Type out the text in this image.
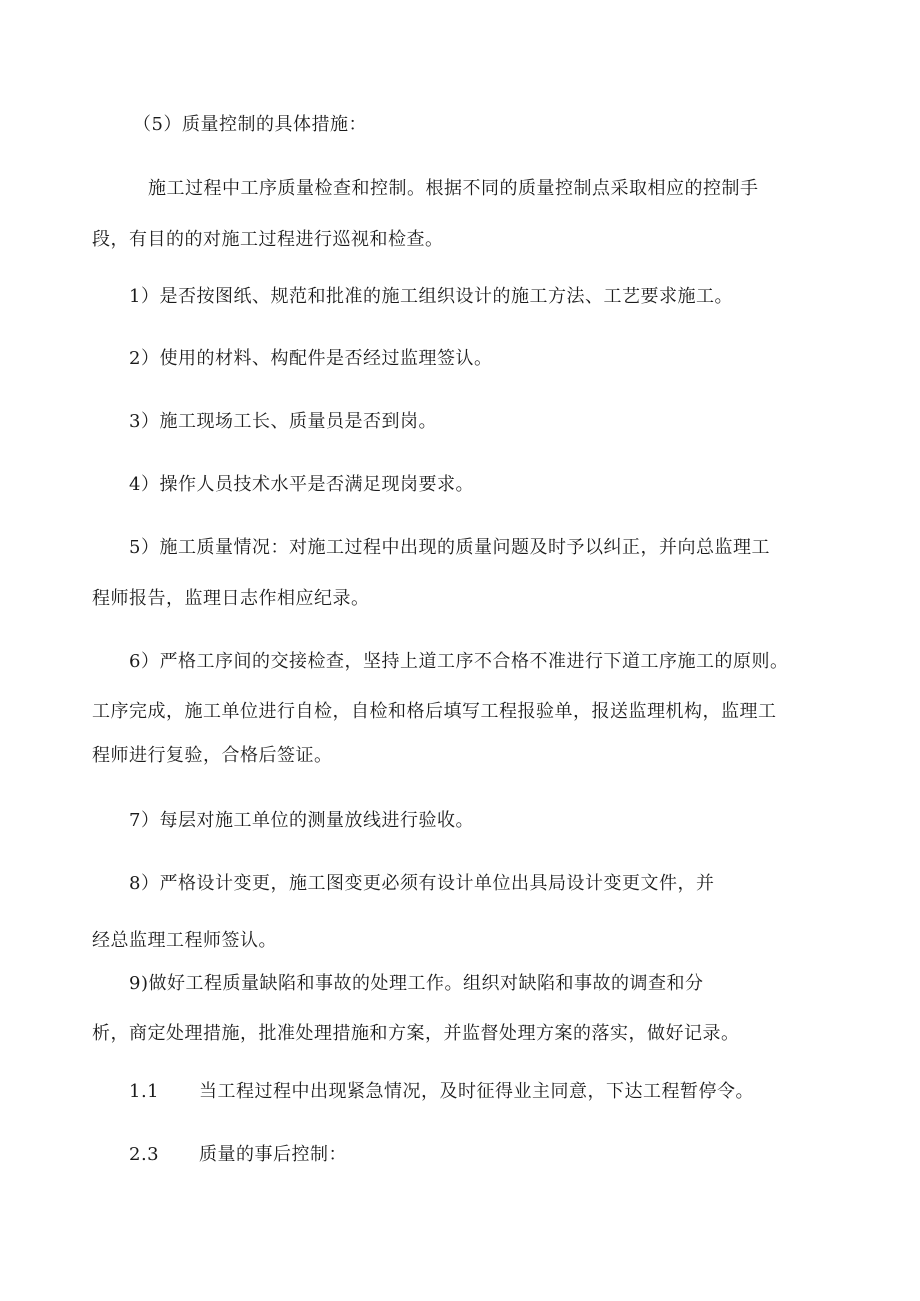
（5）质量控制的具体措施：
施工过程中工序质量检查和控制。根据不同的质量控制点采取相应的控制手
段，有目的的对施工过程进行巡视和检查。
1）是否按图纸、规范和批准的施工组织设计的施工方法、工艺要求施工。
2）使用的材料、构配件是否经过监理签认。
3）施工现场工长、质量员是否到岗。
4）操作人员技术水平是否满足现岗要求。
5）施工质量情况：对施工过程中出现的质量问题及时予以纠正，并向总监理工
程师报告，监理日志作相应纪录。
6）严格工序间的交接检查，坚持上道工序不合格不准进行下道工序施工的原则。
工序完成，施工单位进行自检，自检和格后填写工程报验单，报送监理机构，监理工
程师进行复验，合格后签证。
7）每层对施工单位的测量放线进行验收。
8）严格设计变更，施工图变更必须有设计单位出具局设计变更文件，并
经总监理工程师签认。
9)做好工程质量缺陷和事故的处理工作。组织对缺陷和事故的调查和分
析，商定处理措施，批准处理措施和方案，并监督处理方案的落实，做好记录。
1.1 当工程过程中出现紧急情况，及时征得业主同意，下达工程暂停令。
2.3 质量的事后控制：
